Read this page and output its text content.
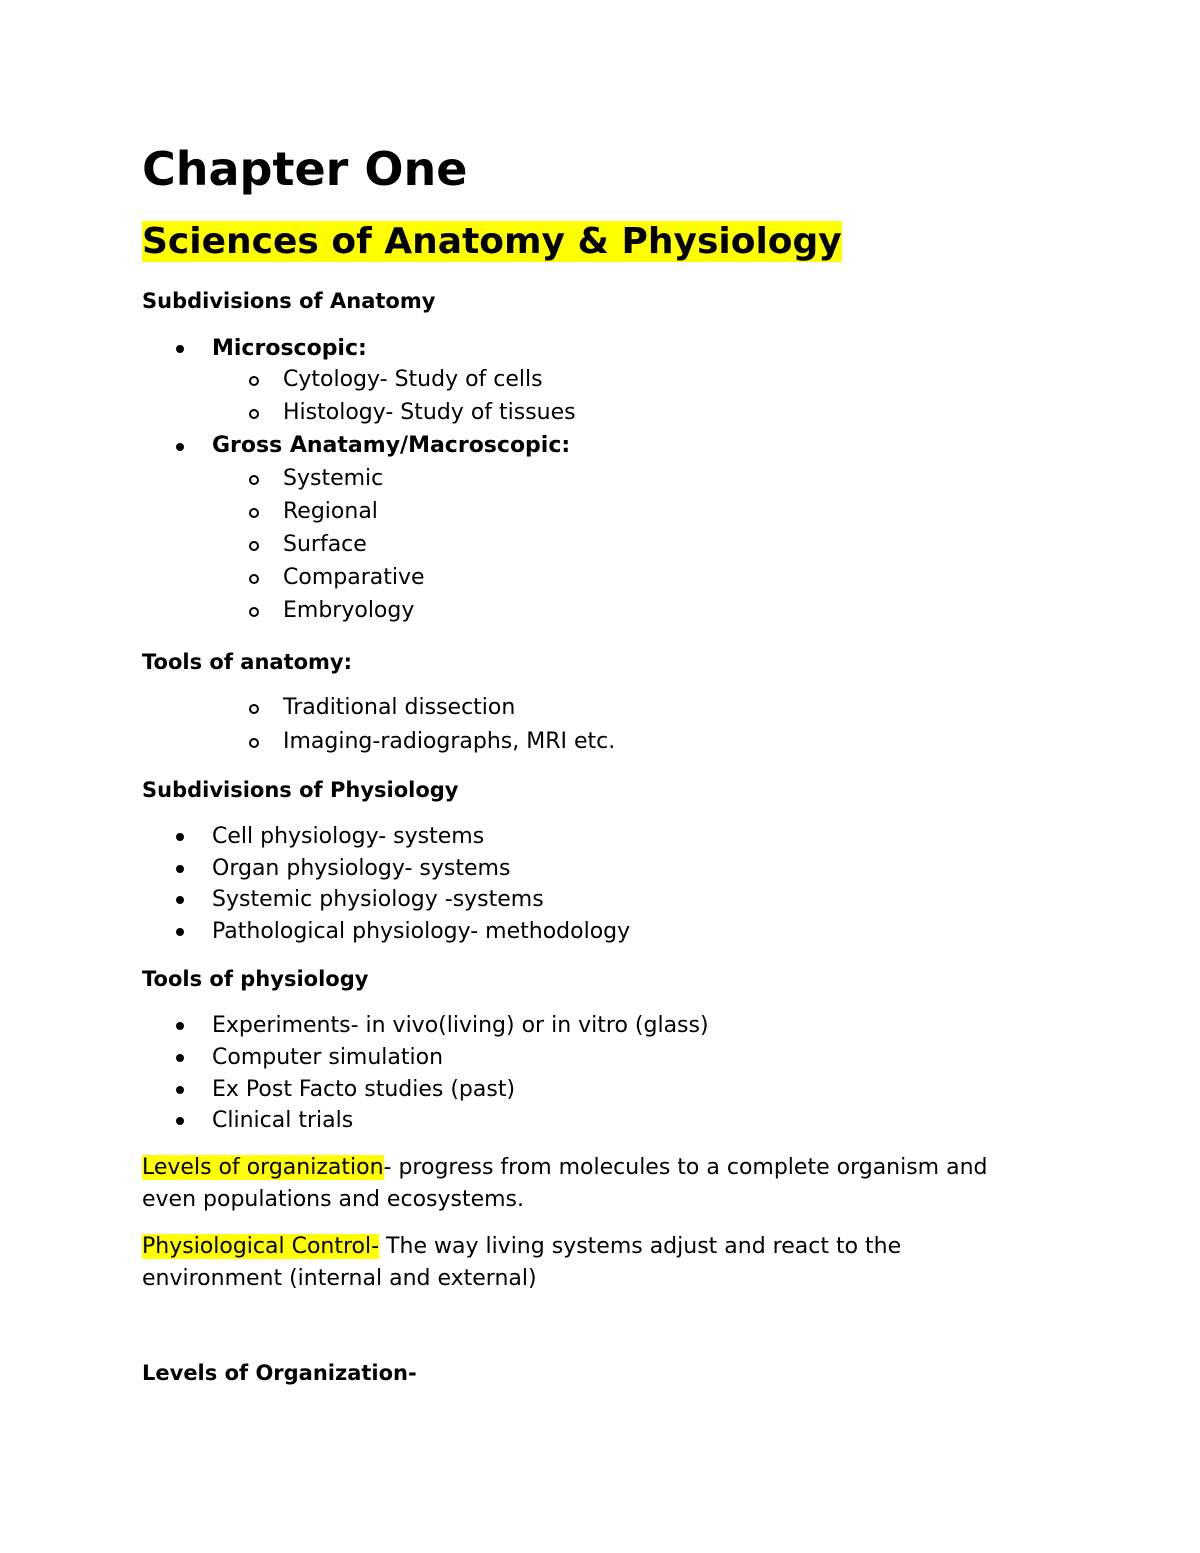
Chapter One
Sciences of Anatomy & Physiology
Subdivisions of Anatomy
Microscopic:
Cytology- Study of cells
Histology- Study of tissues
Gross Anatamy/Macroscopic:
Systemic
Regional
Surface
Comparative
Embryology
Tools of anatomy:
Traditional dissection
Imaging-radiographs, MRI etc.
Subdivisions of Physiology
Cell physiology- systems
Organ physiology- systems
Systemic physiology -systems
Pathological physiology- methodology
Tools of physiology
Experiments- in vivo(living) or in vitro (glass)
Computer simulation
Ex Post Facto studies (past)
Clinical trials
Levels of organization- progress from molecules to a complete organism and
even populations and ecosystems.
Physiological Control- The way living systems adjust and react to the
environment (internal and external)
Levels of Organization-
